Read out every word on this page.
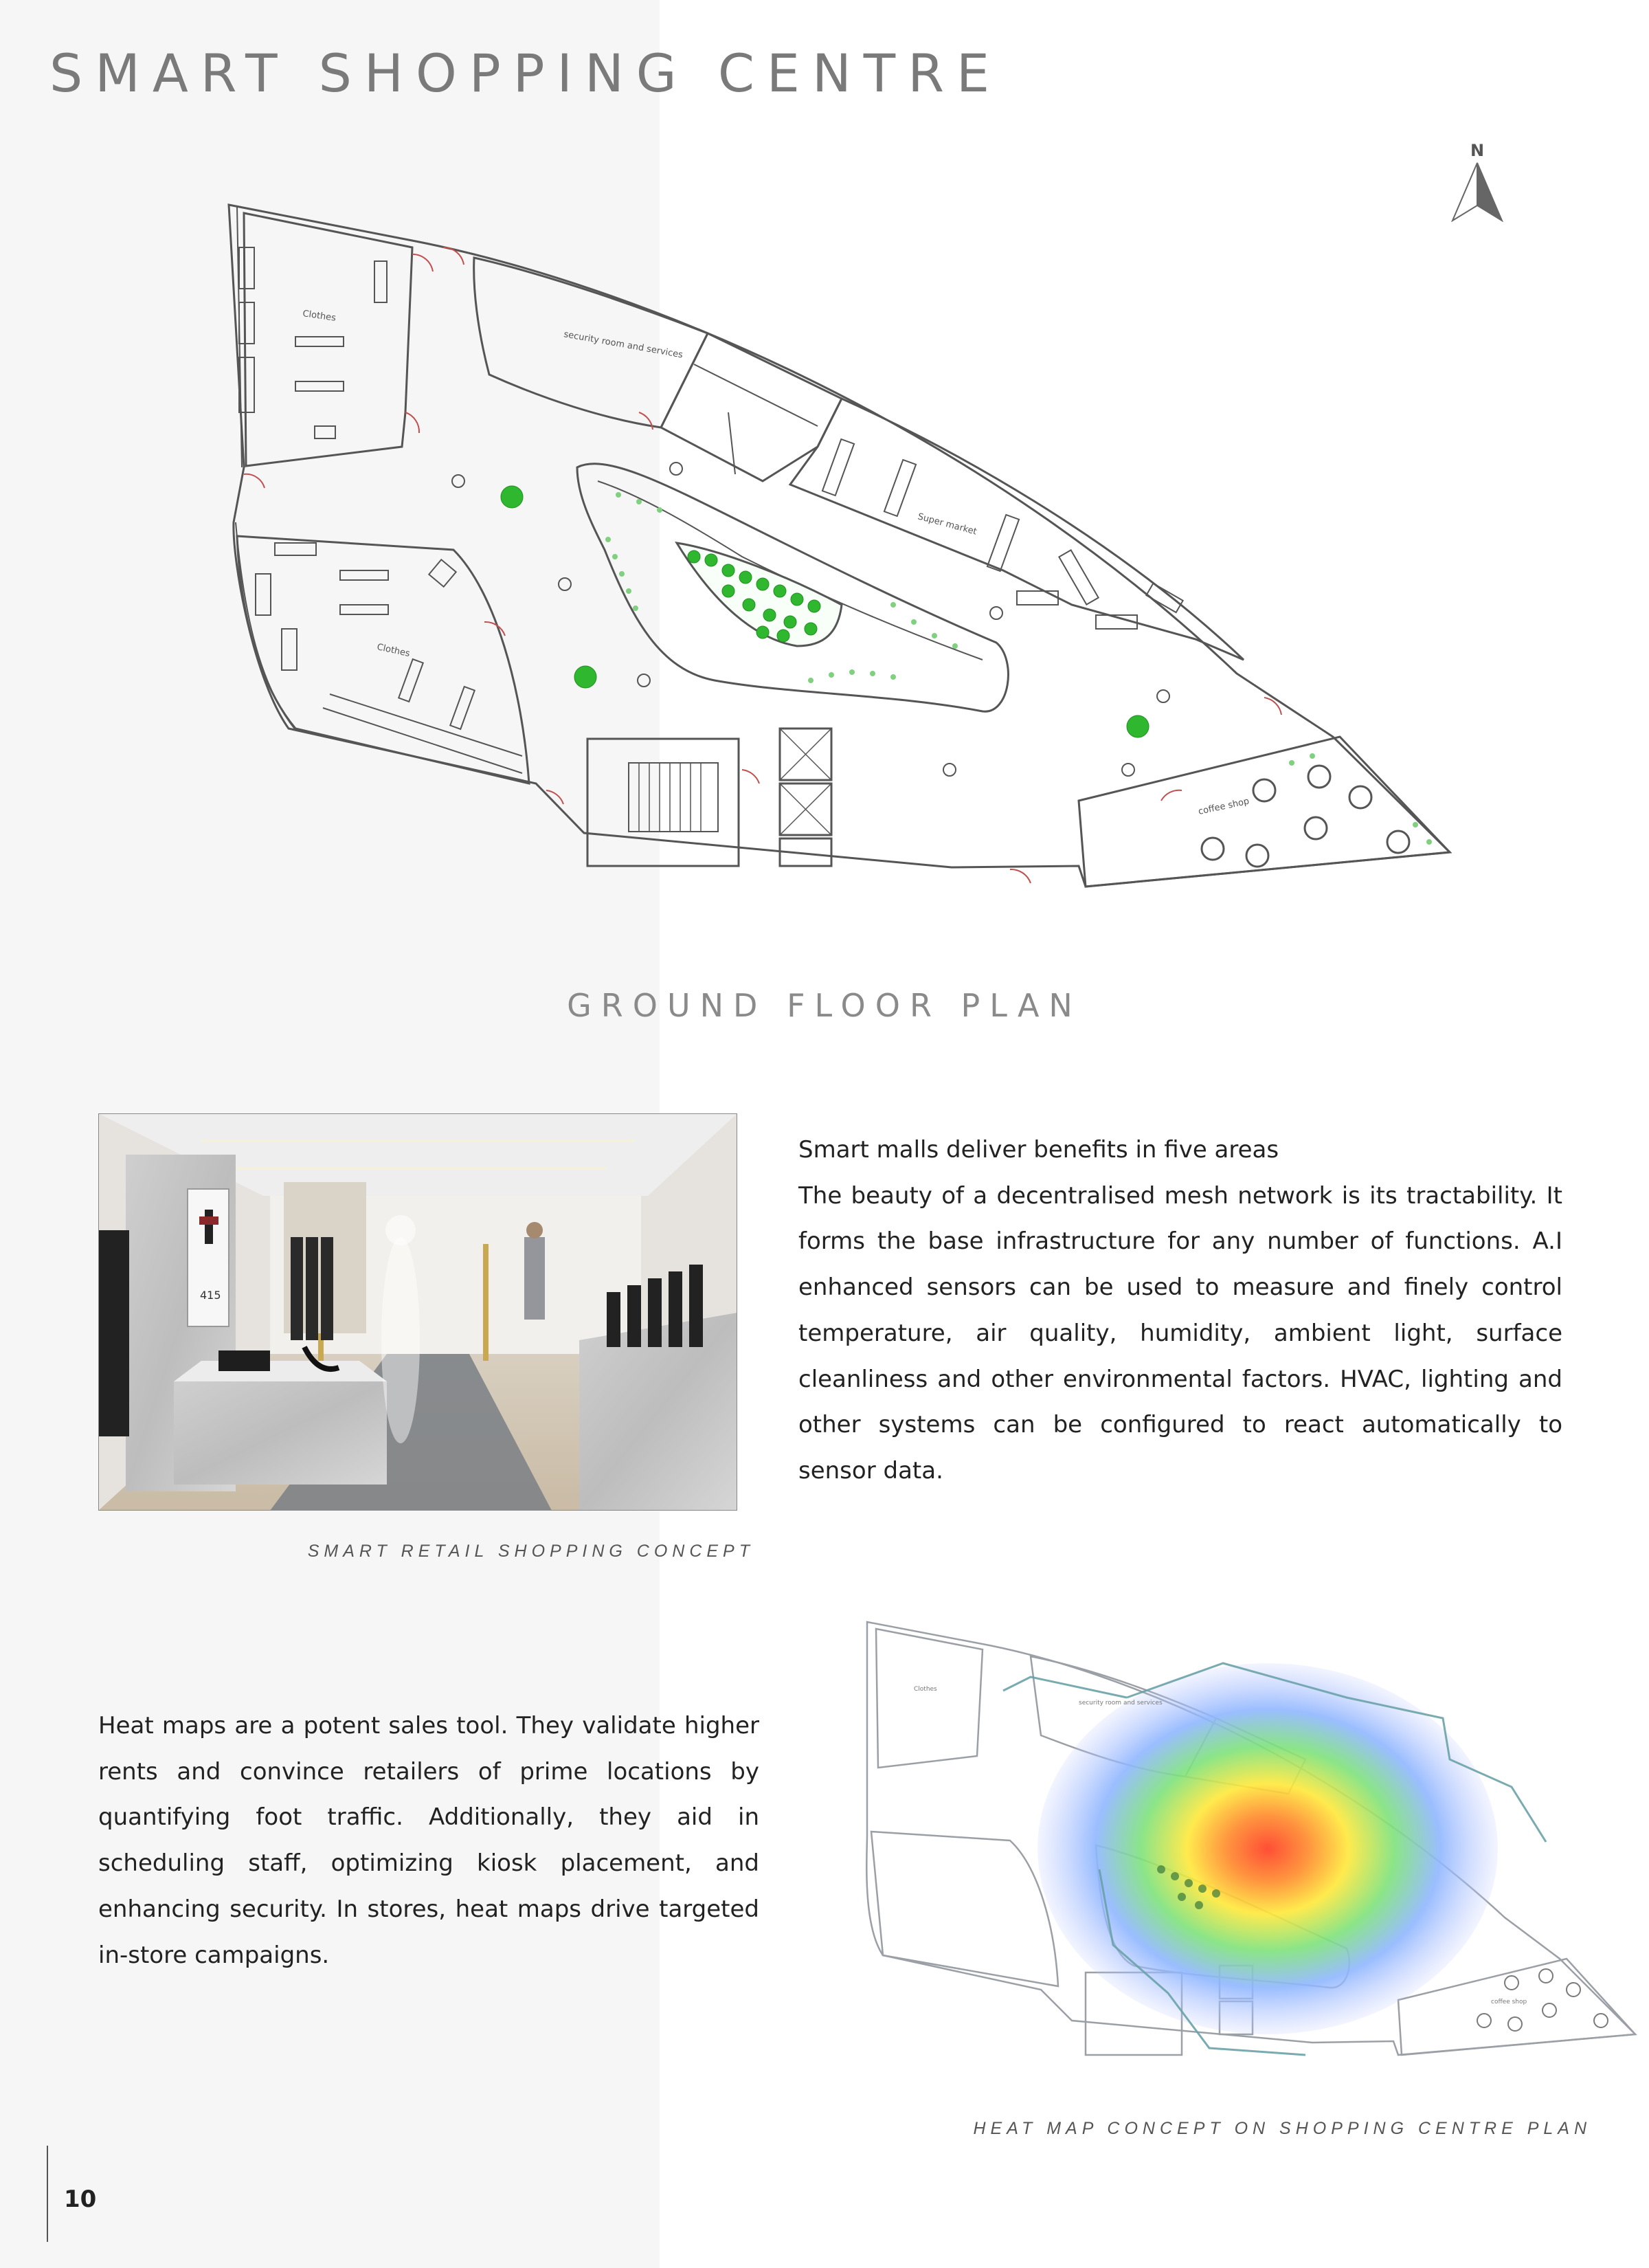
SMART SHOPPING CENTRE
N
Clothes
security room and services
Super market
Clothes
coffee shop
GROUND FLOOR PLAN
415
SMART RETAIL SHOPPING CONCEPT
Smart malls deliver benefits in five areas
The beauty of a decentralised mesh network is its tractability. It forms the base infrastructure for any number of functions. A.I enhanced sensors can be used to measure and finely control temperature, air quality, humidity, ambient light, surface cleanliness and other environmental factors. HVAC, lighting and other systems can be configured to react automatically to sensor data.
Heat maps are a potent sales tool. They validate higher rents and convince retailers of prime locations by quantifying foot traffic. Additionally, they aid in scheduling staff, optimizing kiosk placement, and enhancing security. In stores, heat maps drive targeted in-store campaigns.
Clothes
security room and services
coffee shop
HEAT MAP CONCEPT ON SHOPPING CENTRE PLAN
10
